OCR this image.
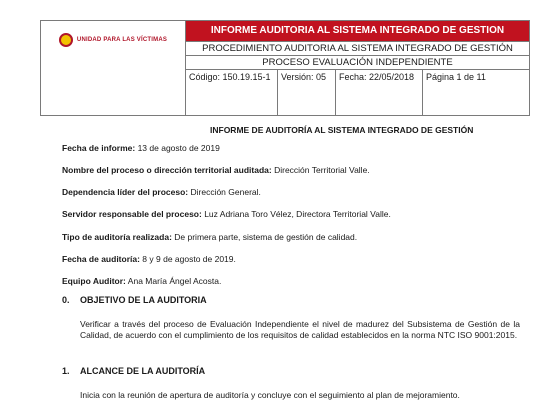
UNIDAD PARA LAS VÍCTIMAS
INFORME AUDITORIA AL SISTEMA INTEGRADO DE GESTION
PROCEDIMIENTO AUDITORIA AL SISTEMA INTEGRADO DE GESTIÓN
PROCESO EVALUACIÓN INDEPENDIENTE
Código: 150.19.15-1	Versión: 05	Fecha: 22/05/2018	Página 1 de 11
INFORME DE AUDITORÍA AL SISTEMA INTEGRADO DE GESTIÓN
Fecha de informe: 13 de agosto de 2019
Nombre del proceso o dirección territorial auditada: Dirección Territorial Valle.
Dependencia líder del proceso: Dirección General.
Servidor responsable del proceso: Luz Adriana Toro Vélez, Directora Territorial Valle.
Tipo de auditoría realizada: De primera parte, sistema de gestión de calidad.
Fecha de auditoría: 8 y 9 de agosto de 2019.
Equipo Auditor: Ana María Ángel Acosta.
0. OBJETIVO DE LA AUDITORIA
Verificar a través del proceso de Evaluación Independiente el nivel de madurez del Subsistema de Gestión de la Calidad, de acuerdo con el cumplimiento de los requisitos de calidad establecidos en la norma NTC ISO 9001:2015.
1. ALCANCE DE LA AUDITORÍA
Inicia con la reunión de apertura de auditoría y concluye con el seguimiento al plan de mejoramiento.
